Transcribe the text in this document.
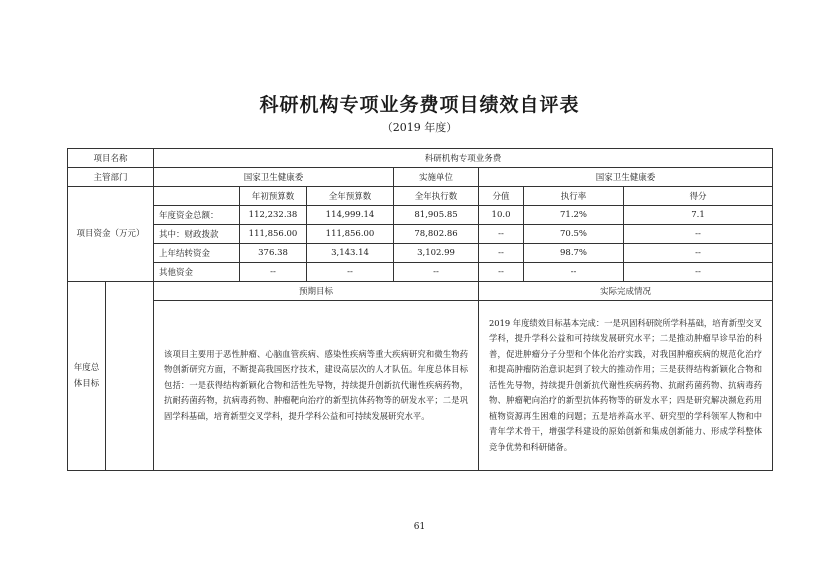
科研机构专项业务费项目绩效自评表
（2019 年度）
项目名称		科研机构专项业务费						
主管部门		国家卫生健康委			实施单位	国家卫生健康委		
项目资金（万元）			年初预算数	全年预算数	全年执行数	分值	执行率	得分
		年度资金总额：	112,232.38	114,999.14	81,905.85	10.0	71.2%	7.1
		其中：财政拨款	111,856.00	111,856.00	78,802.86	--	70.5%	--
		上年结转资金	376.38	3,143.14	3,102.99	--	98.7%	--
		其他资金	--	--	--	--	--	--
年度总体目标		预期目标				实际完成情况		
		该项目主要用于恶性肿瘤、心脑血管疾病、感染性疾病等重大疾病研究和微生物药物创新研究方面，不断提高我国医疗技术，建设高层次的人才队伍。年度总体目标包括：一是获得结构新颖化合物和活性先导物，持续提升创新抗代谢性疾病药物，抗耐药菌药物，抗病毒药物、肿瘤靶向治疗的新型抗体药物等的研发水平；二是巩固学科基础，培育新型交叉学科，提升学科公益和可持续发展研究水平。				2019 年度绩效目标基本完成：一是巩固科研院所学科基础，培育新型交叉学科，提升学科公益和可持续发展研究水平；二是推动肿瘤早诊早治的科普，促进肿瘤分子分型和个体化治疗实践，对我国肿瘤疾病的规范化治疗和提高肿瘤防治意识起到了较大的推动作用；三是获得结构新颖化合物和活性先导物，持续提升创新抗代谢性疾病药物、抗耐药菌药物、抗病毒药物、肿瘤靶向治疗的新型抗体药物等的研发水平；四是研究解决濒危药用植物资源再生困难的问题；五是培养高水平、研究型的学科领军人物和中青年学术骨干，增强学科建设的原始创新和集成创新能力、形成学科整体竞争优势和科研储备。		
61
